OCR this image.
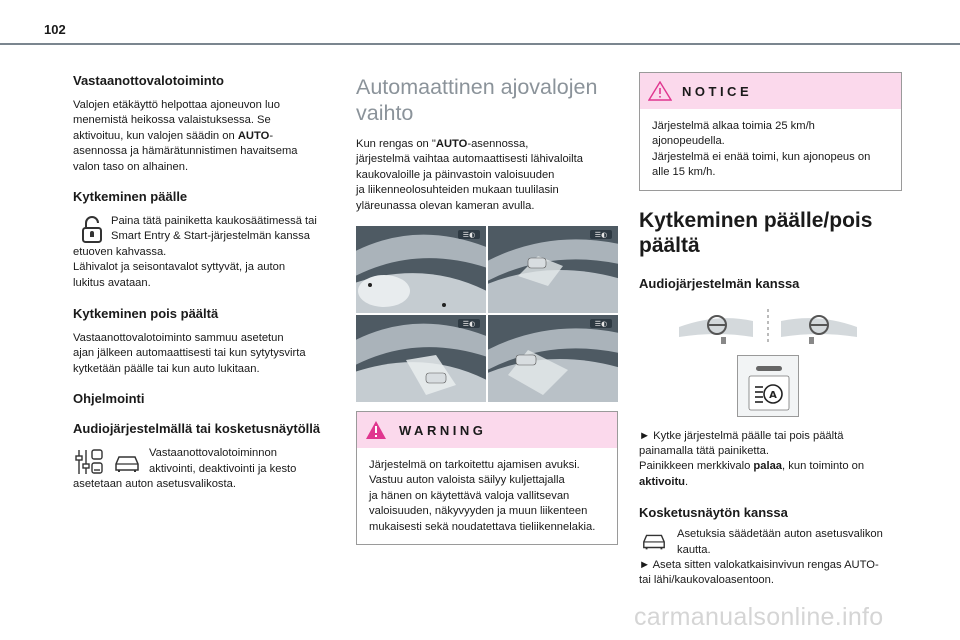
102
Vastaanottovalotoiminto

Valojen etäkäyttö helpottaa ajoneuvon luo
menemistä heikossa valaistuksessa. Se
aktivoituu, kun valojen säädin on AUTO-
asennossa ja hämärätunnistimen havaitsema
valon taso on alhainen.

Kytkeminen päälle

Paina tätä painiketta kaukosäätimessä tai
Smart Entry & Start-järjestelmän kanssa
etuoven kahvassa.
Lähivalot ja seisontavalot syttyvät, ja auton
lukitus avataan.

Kytkeminen pois päältä

Vastaanottovalotoiminto sammuu asetetun
ajan jälkeen automaattisesti tai kun sytytysvirta
kytketään päälle tai kun auto lukitaan.

Ohjelmointi
Audiojärjestelmällä tai kosketusnäytöllä

Vastaanottovalotoiminnon
aktivointi, deaktivointi ja kesto
asetetaan auton asetusvalikosta.

Automaattinen ajovalojen
vaihto

Kun rengas on "AUTO-asennossa,
järjestelmä vaihtaa automaattisesti lähivaloilta
kaukovaloille ja päinvastoin valoisuuden
ja liikenneolosuhteiden mukaan tuulilasin
yläreunassa olevan kameran avulla.

☰◐	☰◐
☰◐	☰◐
WARNING

Järjestelmä on tarkoitettu ajamisen avuksi.
Vastuu auton valoista säilyy kuljettajalla
ja hänen on käytettävä valoja vallitsevan
valoisuuden, näkyvyyden ja muun liikenteen
mukaisesti sekä noudatettava tieliikennelakia.

NOTICE

Järjestelmä alkaa toimia 25 km/h
ajonopeudella.
Järjestelmä ei enää toimi, kun ajonopeus on
alle 15 km/h.

Kytkeminen päälle/pois
päältä
Audiojärjestelmän kanssa
A

► Kytke järjestelmä päälle tai pois päältä
painamalla tätä painiketta.
Painikkeen merkkivalo palaa, kun toiminto on
aktivoitu.

Kosketusnäytön kanssa

Asetuksia säädetään auton asetusvalikon
kautta.
► Aseta sitten valokatkaisinvivun rengas AUTO-
tai lähi/kaukovaloasentoon.

carmanualsonline.info
